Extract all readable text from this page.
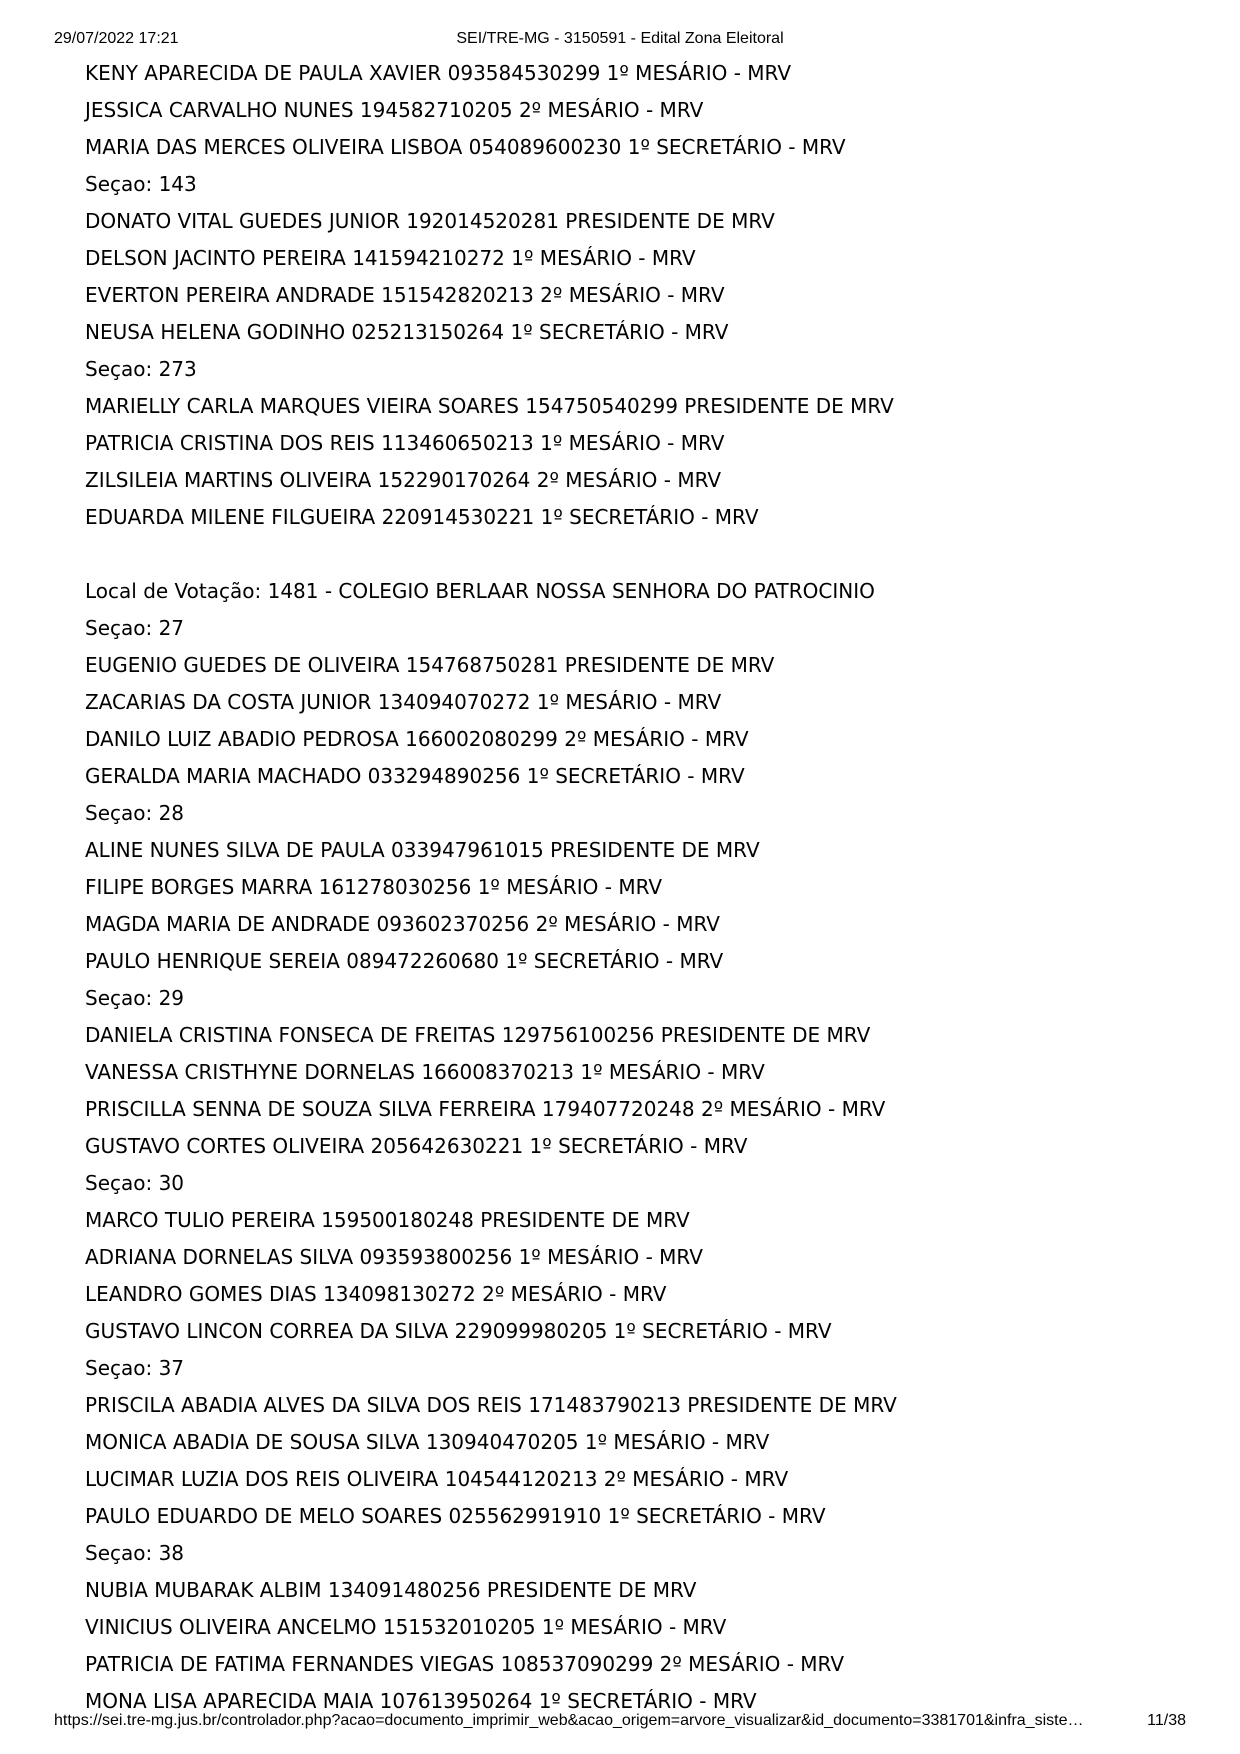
29/07/2022 17:21	SEI/TRE-MG - 3150591 - Edital Zona Eleitoral
KENY APARECIDA DE PAULA XAVIER 093584530299 1º MESÁRIO - MRV
JESSICA CARVALHO NUNES 194582710205 2º MESÁRIO - MRV
MARIA DAS MERCES OLIVEIRA LISBOA 054089600230 1º SECRETÁRIO - MRV
Seçao: 143
DONATO VITAL GUEDES JUNIOR 192014520281 PRESIDENTE DE MRV
DELSON JACINTO PEREIRA 141594210272 1º MESÁRIO - MRV
EVERTON PEREIRA ANDRADE 151542820213 2º MESÁRIO - MRV
NEUSA HELENA GODINHO 025213150264 1º SECRETÁRIO - MRV
Seçao: 273
MARIELLY CARLA MARQUES VIEIRA SOARES 154750540299 PRESIDENTE DE MRV
PATRICIA CRISTINA DOS REIS 113460650213 1º MESÁRIO - MRV
ZILSILEIA MARTINS OLIVEIRA 152290170264 2º MESÁRIO - MRV
EDUARDA MILENE FILGUEIRA 220914530221 1º SECRETÁRIO - MRV
Local de Votação: 1481 - COLEGIO BERLAAR NOSSA SENHORA DO PATROCINIO
Seçao: 27
EUGENIO GUEDES DE OLIVEIRA 154768750281 PRESIDENTE DE MRV
ZACARIAS DA COSTA JUNIOR 134094070272 1º MESÁRIO - MRV
DANILO LUIZ ABADIO PEDROSA 166002080299 2º MESÁRIO - MRV
GERALDA MARIA MACHADO 033294890256 1º SECRETÁRIO - MRV
Seçao: 28
ALINE NUNES SILVA DE PAULA 033947961015 PRESIDENTE DE MRV
FILIPE BORGES MARRA 161278030256 1º MESÁRIO - MRV
MAGDA MARIA DE ANDRADE 093602370256 2º MESÁRIO - MRV
PAULO HENRIQUE SEREIA 089472260680 1º SECRETÁRIO - MRV
Seçao: 29
DANIELA CRISTINA FONSECA DE FREITAS 129756100256 PRESIDENTE DE MRV
VANESSA CRISTHYNE DORNELAS 166008370213 1º MESÁRIO - MRV
PRISCILLA SENNA DE SOUZA SILVA FERREIRA 179407720248 2º MESÁRIO - MRV
GUSTAVO CORTES OLIVEIRA 205642630221 1º SECRETÁRIO - MRV
Seçao: 30
MARCO TULIO PEREIRA 159500180248 PRESIDENTE DE MRV
ADRIANA DORNELAS SILVA 093593800256 1º MESÁRIO - MRV
LEANDRO GOMES DIAS 134098130272 2º MESÁRIO - MRV
GUSTAVO LINCON CORREA DA SILVA 229099980205 1º SECRETÁRIO - MRV
Seçao: 37
PRISCILA ABADIA ALVES DA SILVA DOS REIS 171483790213 PRESIDENTE DE MRV
MONICA ABADIA DE SOUSA SILVA 130940470205 1º MESÁRIO - MRV
LUCIMAR LUZIA DOS REIS OLIVEIRA 104544120213 2º MESÁRIO - MRV
PAULO EDUARDO DE MELO SOARES 025562991910 1º SECRETÁRIO - MRV
Seçao: 38
NUBIA MUBARAK ALBIM 134091480256 PRESIDENTE DE MRV
VINICIUS OLIVEIRA ANCELMO 151532010205 1º MESÁRIO - MRV
PATRICIA DE FATIMA FERNANDES VIEGAS 108537090299 2º MESÁRIO - MRV
MONA LISA APARECIDA MAIA 107613950264 1º SECRETÁRIO - MRV
https://sei.tre-mg.jus.br/controlador.php?acao=documento_imprimir_web&acao_origem=arvore_visualizar&id_documento=3381701&infra_siste…	11/38
